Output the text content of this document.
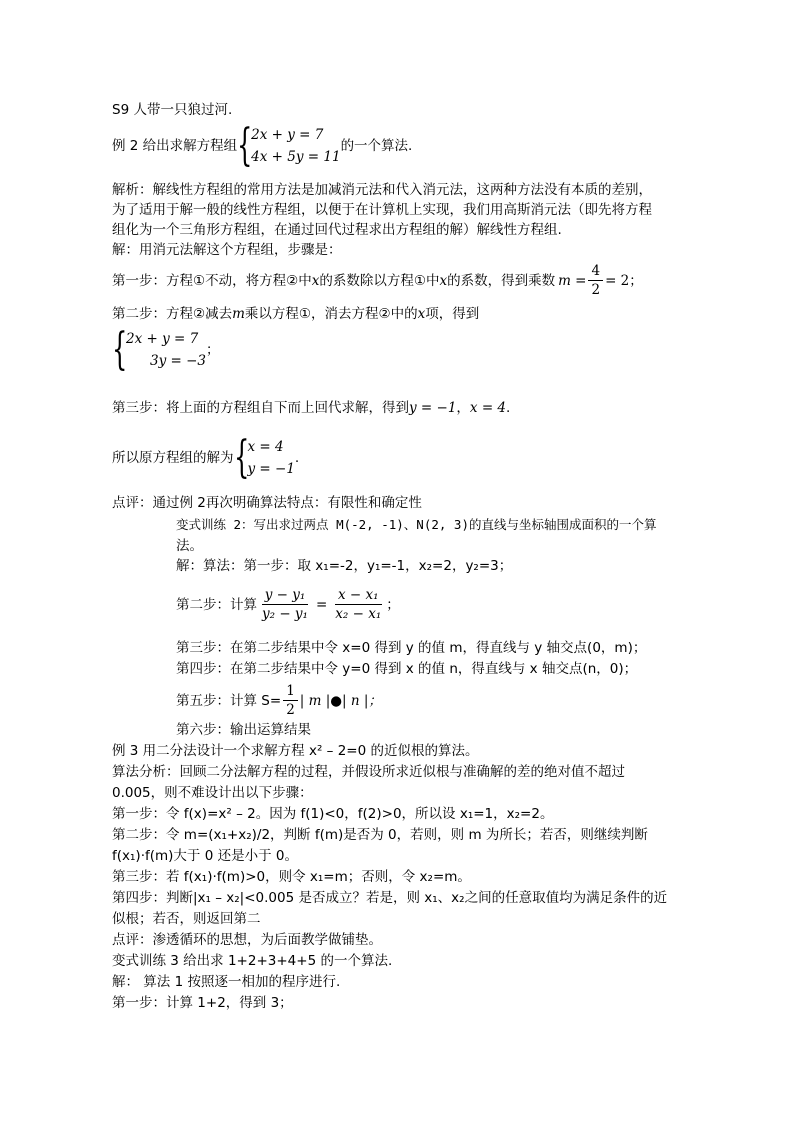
S9 人带一只狼过河.
例 2 给出求解方程组 {
2x + y = 7
4x + 5y = 11
的一个算法.
解析：解线性方程组的常用方法是加减消元法和代入消元法，这两种方法没有本质的差别，
为了适用于解一般的线性方程组，以便于在计算机上实现，我们用高斯消元法（即先将方程
组化为一个三角形方程组，在通过回代过程求出方程组的解）解线性方程组.
解：用消元法解这个方程组，步骤是：
第一步：方程①不动，将方程②中 x 的系数除以方程①中 x 的系数，得到乘数 $m = \frac{4}{2} = 2$；
第二步：方程②减去m乘以方程①，消去方程②中的x项，得到
{
2x + y = 7
3y = −3
；
第三步：将上面的方程组自下而上回代求解，得到y = −1，x = 4.
所以原方程组的解为 {
x = 4
y = −1
.
点评：通过例 2再次明确算法特点：有限性和确定性
变式训练 2：写出求过两点 M(-2, -1)、N(2, 3)的直线与坐标轴围成面积的一个算
法。
解：算法：第一步：取 x₁=-2，y₁=-1，x₂=2，y₂=3；
第二步：计算 $\frac{\text{y − y₁}}{\text{y₂ − y₁}} = \frac{\text{x − x₁}}{\text{x₂ − x₁}}$ ；
第三步：在第二步结果中令 x=0 得到 y 的值 m，得直线与 y 轴交点(0，m)；
第四步：在第二步结果中令 y=0 得到 x 的值 n，得直线与 x 轴交点(n，0)；
第五步：计算 $S= \frac{1}{2}$ | m |●| n |；
第六步：输出运算结果
例 3 用二分法设计一个求解方程 x² – 2=0 的近似根的算法。
算法分析：回顾二分法解方程的过程，并假设所求近似根与准确解的差的绝对值不超过
0.005，则不难设计出以下步骤：
第一步：令 f(x)=x² – 2。因为 f(1)<0，f(2)>0，所以设 x₁=1，x₂=2。
第二步：令 m=(x₁+x₂)/2，判断 f(m)是否为 0，若则，则 m 为所长；若否，则继续判断
f(x₁)·f(m)大于 0 还是小于 0。
第三步：若 f(x₁)·f(m)>0，则令 x₁=m；否则，令 x₂=m。
第四步：判断|x₁ – x₂|<0.005 是否成立？若是，则 x₁、x₂之间的任意取值均为满足条件的近
似根；若否，则返回第二
点评：渗透循环的思想，为后面教学做铺垫。
变式训练 3 给出求 1+2+3+4+5 的一个算法.
解： 算法 1 按照逐一相加的程序进行.
第一步：计算 1+2，得到 3；
